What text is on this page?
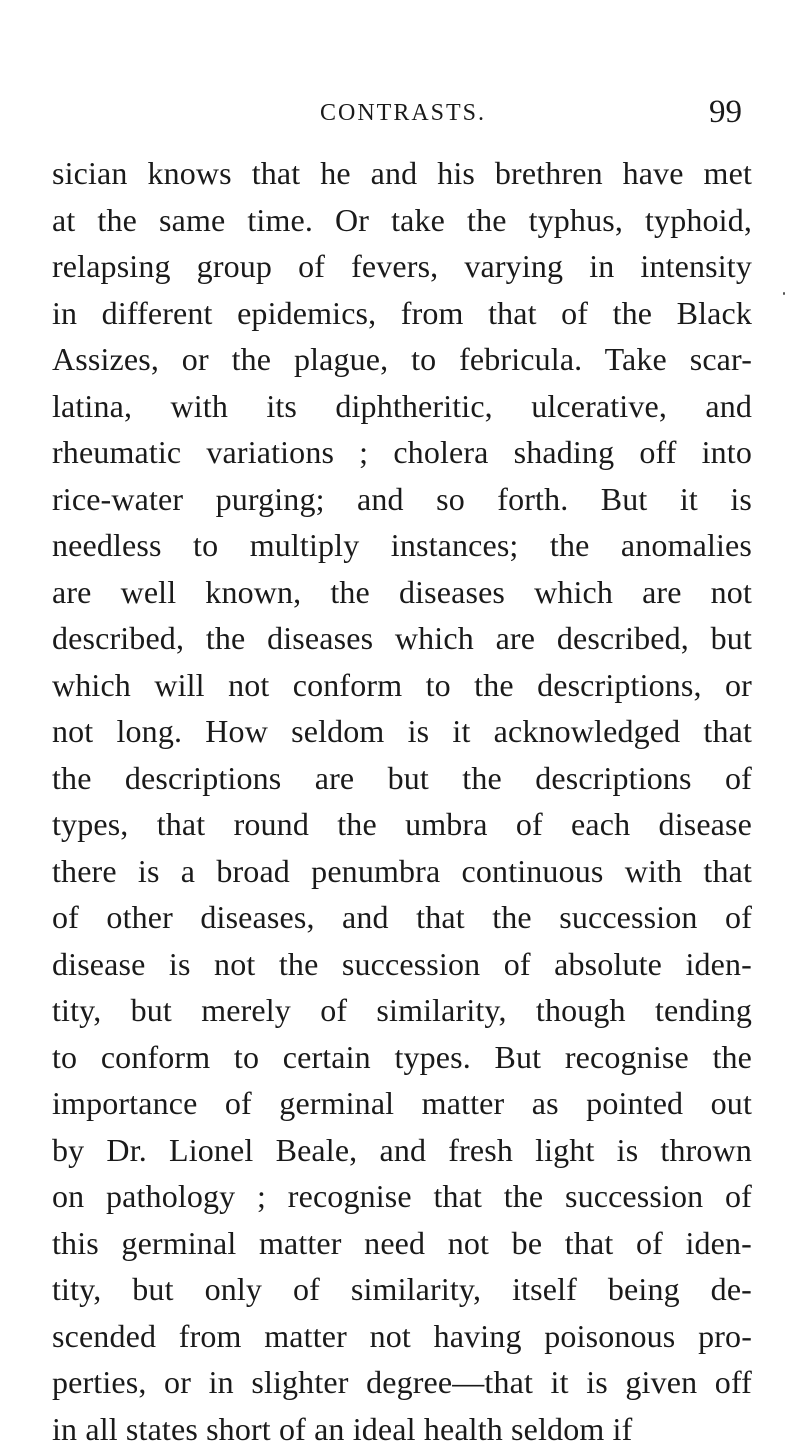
CONTRASTS.	99
sician knows that he and his brethren have met
at the same time. Or take the typhus, typhoid,
relapsing group of fevers, varying in intensity
in different epidemics, from that of the Black
Assizes, or the plague, to febricula. Take scar-
latina, with its diphtheritic, ulcerative, and
rheumatic variations ; cholera shading off into
rice-water purging; and so forth. But it is
needless to multiply instances; the anomalies
are well known, the diseases which are not
described, the diseases which are described, but
which will not conform to the descriptions, or
not long. How seldom is it acknowledged that
the descriptions are but the descriptions of
types, that round the umbra of each disease
there is a broad penumbra continuous with that
of other diseases, and that the succession of
disease is not the succession of absolute iden-
tity, but merely of similarity, though tending
to conform to certain types. But recognise the
importance of germinal matter as pointed out
by Dr. Lionel Beale, and fresh light is thrown
on pathology ; recognise that the succession of
this germinal matter need not be that of iden-
tity, but only of similarity, itself being de-
scended from matter not having poisonous pro-
perties, or in slighter degree—that it is given off
in all states short of an ideal health seldom if
